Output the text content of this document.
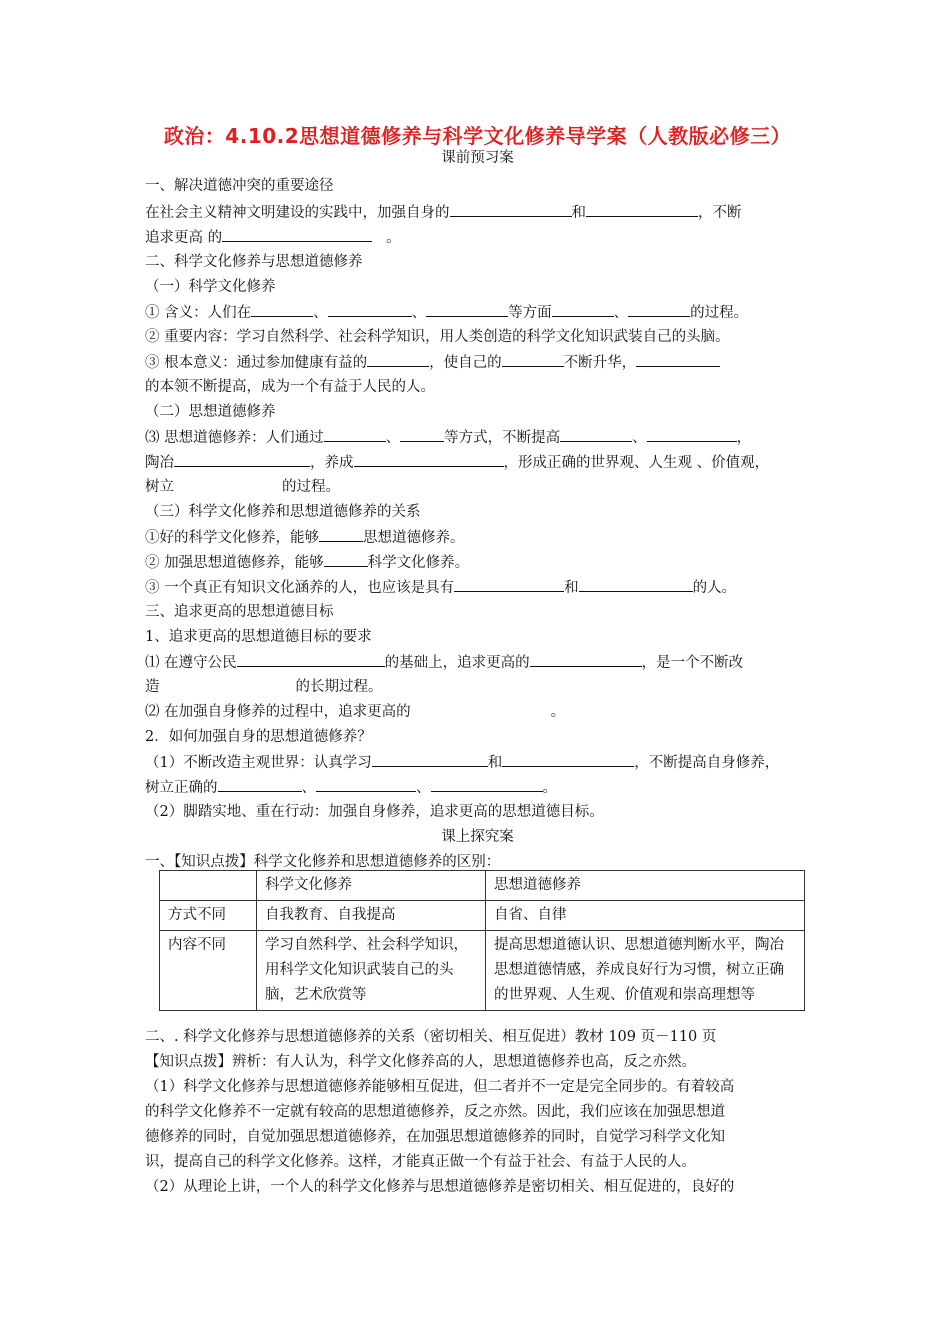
政治：4.10.2思想道德修养与科学文化修养导学案（人教版必修三）
课前预习案
一、解决道德冲突的重要途径
在社会主义精神文明建设的实践中，加强自身的	和	，不断
追求更高 的	。
二、科学文化修养与思想道德修养
（一）科学文化修养
① 含义：人们在	、	、	等方面	、	的过程。
② 重要内容：学习自然科学、社会科学知识，用人类创造的科学文化知识武装自己的头脑。
③ 根本意义：通过参加健康有益的	，使自己的	不断升华，
的本领不断提高，成为一个有益于人民的人。
（二）思想道德修养
⑶ 思想道德修养：人们通过	、	等方式，不断提高	、	，
陶冶	，养成	，形成正确的世界观、人生观 、价值观，
树立	的过程。
（三）科学文化修养和思想道德修养的关系
①好的科学文化修养，能够	思想道德修养。
② 加强思想道德修养，能够	科学文化修养。
③ 一个真正有知识文化涵养的人，也应该是具有	和	的人。
三、追求更高的思想道德目标
1、追求更高的思想道德目标的要求
⑴ 在遵守公民	的基础上，追求更高的	，是一个不断改
造	的长期过程。
⑵ 在加强自身修养的过程中，追求更高的	。
2．如何加强自身的思想道德修养？
（1）不断改造主观世界：认真学习	和	，不断提高自身修养，
树立正确的	、	、	。
（2）脚踏实地、重在行动：加强自身修养，追求更高的思想道德目标。
课上探究案
一、【知识点拨】科学文化修养和思想道德修养的区别：
	科学文化修养	思想道德修养
方式不同	自我教育、自我提高	自省、自律
内容不同	学习自然科学、社会科学知识，用科学文化知识武装自己的头脑，艺术欣赏等	提高思想道德认识、思想道德判断水平，陶冶思想道德情感，养成良好行为习惯，树立正确的世界观、人生观、价值观和崇高理想等
二、. 科学文化修养与思想道德修养的关系（密切相关、相互促进）教材 109 页－110 页
【知识点拨】辨析：有人认为，科学文化修养高的人，思想道德修养也高，反之亦然。
（1）科学文化修养与思想道德修养能够相互促进，但二者并不一定是完全同步的。有着较高
的科学文化修养不一定就有较高的思想道德修养，反之亦然。因此，我们应该在加强思想道
德修养的同时，自觉加强思想道德修养，在加强思想道德修养的同时，自觉学习科学文化知
识，提高自己的科学文化修养。这样，才能真正做一个有益于社会、有益于人民的人。
（2）从理论上讲，一个人的科学文化修养与思想道德修养是密切相关、相互促进的，良好的
